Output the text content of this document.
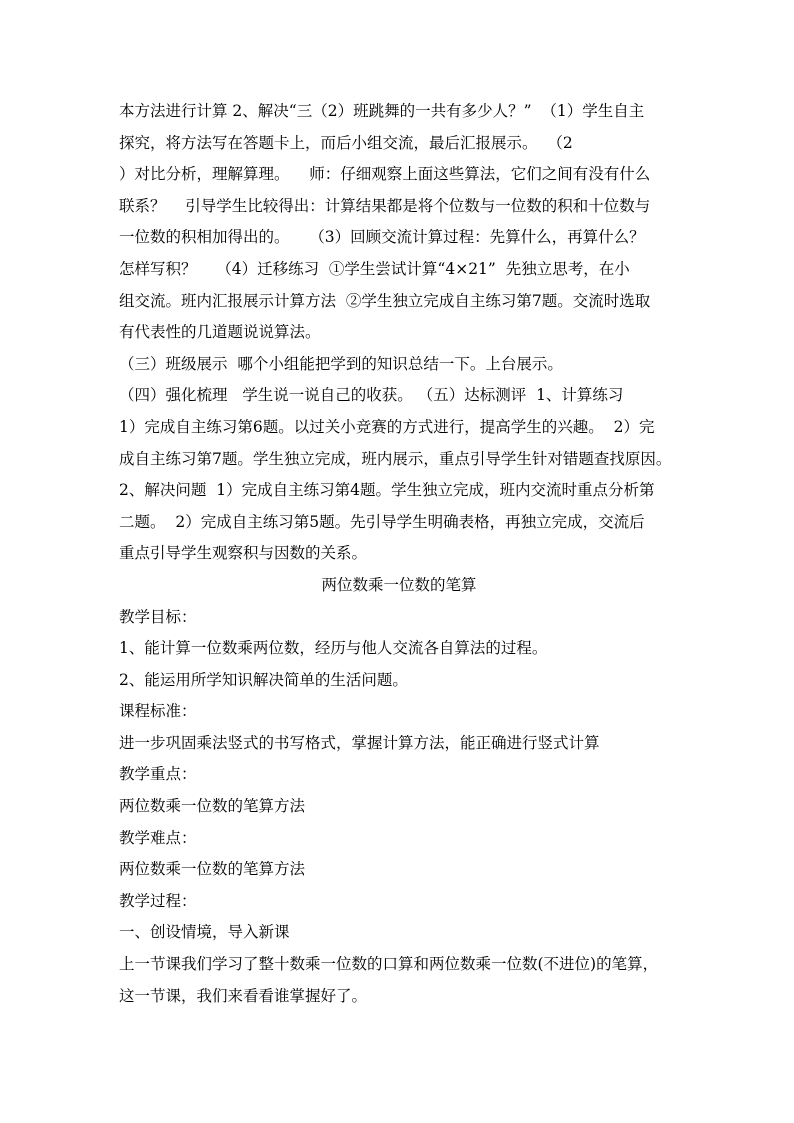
本方法进行计算 2、解决“三（2）班跳舞的一共有多少人？”  （1）学生自主
探究，将方法写在答题卡上，而后小组交流，最后汇报展示。  （2
）对比分析，理解算理。    师：仔细观察上面这些算法，它们之间有没有什么
联系？    引导学生比较得出：计算结果都是将个位数与一位数的积和十位数与
一位数的积相加得出的。    （3）回顾交流计算过程：先算什么，再算什么？
怎样写积？    （4）迁移练习  ①学生尝试计算“4×21”  先独立思考，在小
组交流。班内汇报展示计算方法  ②学生独立完成自主练习第7题。交流时选取
有代表性的几道题说说算法。
（三）班级展示  哪个小组能把学到的知识总结一下。上台展示。
（四）强化梳理   学生说一说自己的收获。 （五）达标测评  1、计算练习
1）完成自主练习第6题。以过关小竞赛的方式进行，提高学生的兴趣。  2）完
成自主练习第7题。学生独立完成，班内展示，重点引导学生针对错题查找原因。
2、解决问题  1）完成自主练习第4题。学生独立完成，班内交流时重点分析第
二题。  2）完成自主练习第5题。先引导学生明确表格，再独立完成，交流后
重点引导学生观察积与因数的关系。
两位数乘一位数的笔算
教学目标：
1、能计算一位数乘两位数，经历与他人交流各自算法的过程。
2、能运用所学知识解决简单的生活问题。
课程标准：
进一步巩固乘法竖式的书写格式，掌握计算方法，能正确进行竖式计算
教学重点：
两位数乘一位数的笔算方法
教学难点：
两位数乘一位数的笔算方法
教学过程：
一、创设情境，导入新课
上一节课我们学习了整十数乘一位数的口算和两位数乘一位数(不进位)的笔算，
这一节课，我们来看看谁掌握好了。
